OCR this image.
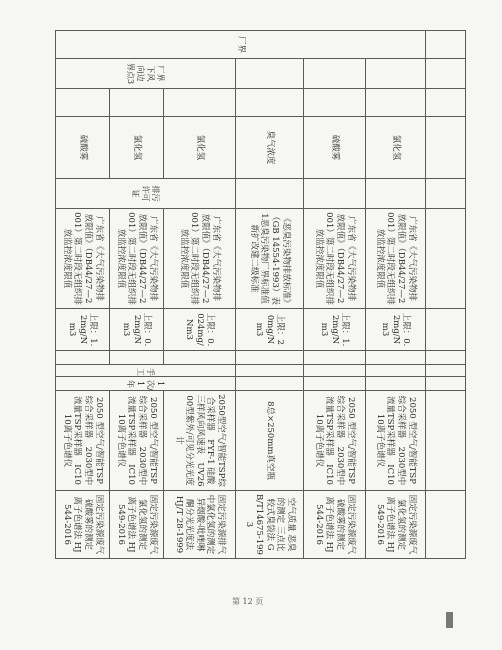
厂界			氯化氢		广东省《大气污染物排放限值》（DB44/27—2001）第二时段无组织排放监控浓度限值	上限：0.2mg/Nm3				2050 型空气/智能TSP综合采样器　2030型中流量TSP采样器　IC1010离子色谱仪	固定污染源废气氯化氢的测定 离子色谱法 HJ549-2016
			硫酸雾		广东省《大气污染物排放限值》（DB44/27—2001）第二时段无组织排放监控浓度限值	上限：1.2mg/Nm3				2050 型空气/智能TSP综合采样器　2030型中流量TSP采样器　IC1010离子色谱仪	固定污染源废气硫酸雾的测定 离子色谱法 HJ544-2016
			臭气浓度		《恶臭污染物排放标准》（GB 14554-1993）表1恶臭污染物厂界标准值新扩改建二级标准	上限：20mg/Nm3				8总×250mm真空瓶	空气质量 恶臭的测定 三点比较式臭袋法 GB/T14675-1993
	厂界下风向边界点3		氯化氢	排污许可证	广东省《大气污染物排放限值》（DB44/27—2001）第二时段无组织排放监控浓度限值	上限：0.024mg/Nm3		手工	1次/1年	2050型空气/智能TSP综合采样器　FYF-1 硅酸三样风向风速表　UV2600型紫外/可见分光光度计	固定污染源排气中氯化氢的测定 异烟酸-吡唑啉酮分光光度法 HJ/T 28-1999
			氯化氢		广东省《大气污染物排放限值》（DB44/27—2001）第二时段无组织排放监控浓度限值	上限：0.2mg/Nm3				2050 型空气/智能TSP综合采样器　2030型中流量TSP采样器　IC1010离子色谱仪	固定污染源废气氯化氢的测定 离子色谱法 HJ549-2016
			硫酸雾		广东省《大气污染物排放限值》（DB44/27—2001）第二时段无组织排放监控浓度限值	上限：1.2mg/Nm3				2050 型空气/智能TSP综合采样器　2030型中流量TSP采样器　IC1010离子色谱仪	固定污染源废气硫酸雾的测定 离子色谱法 HJ544-2016
第 12 页
